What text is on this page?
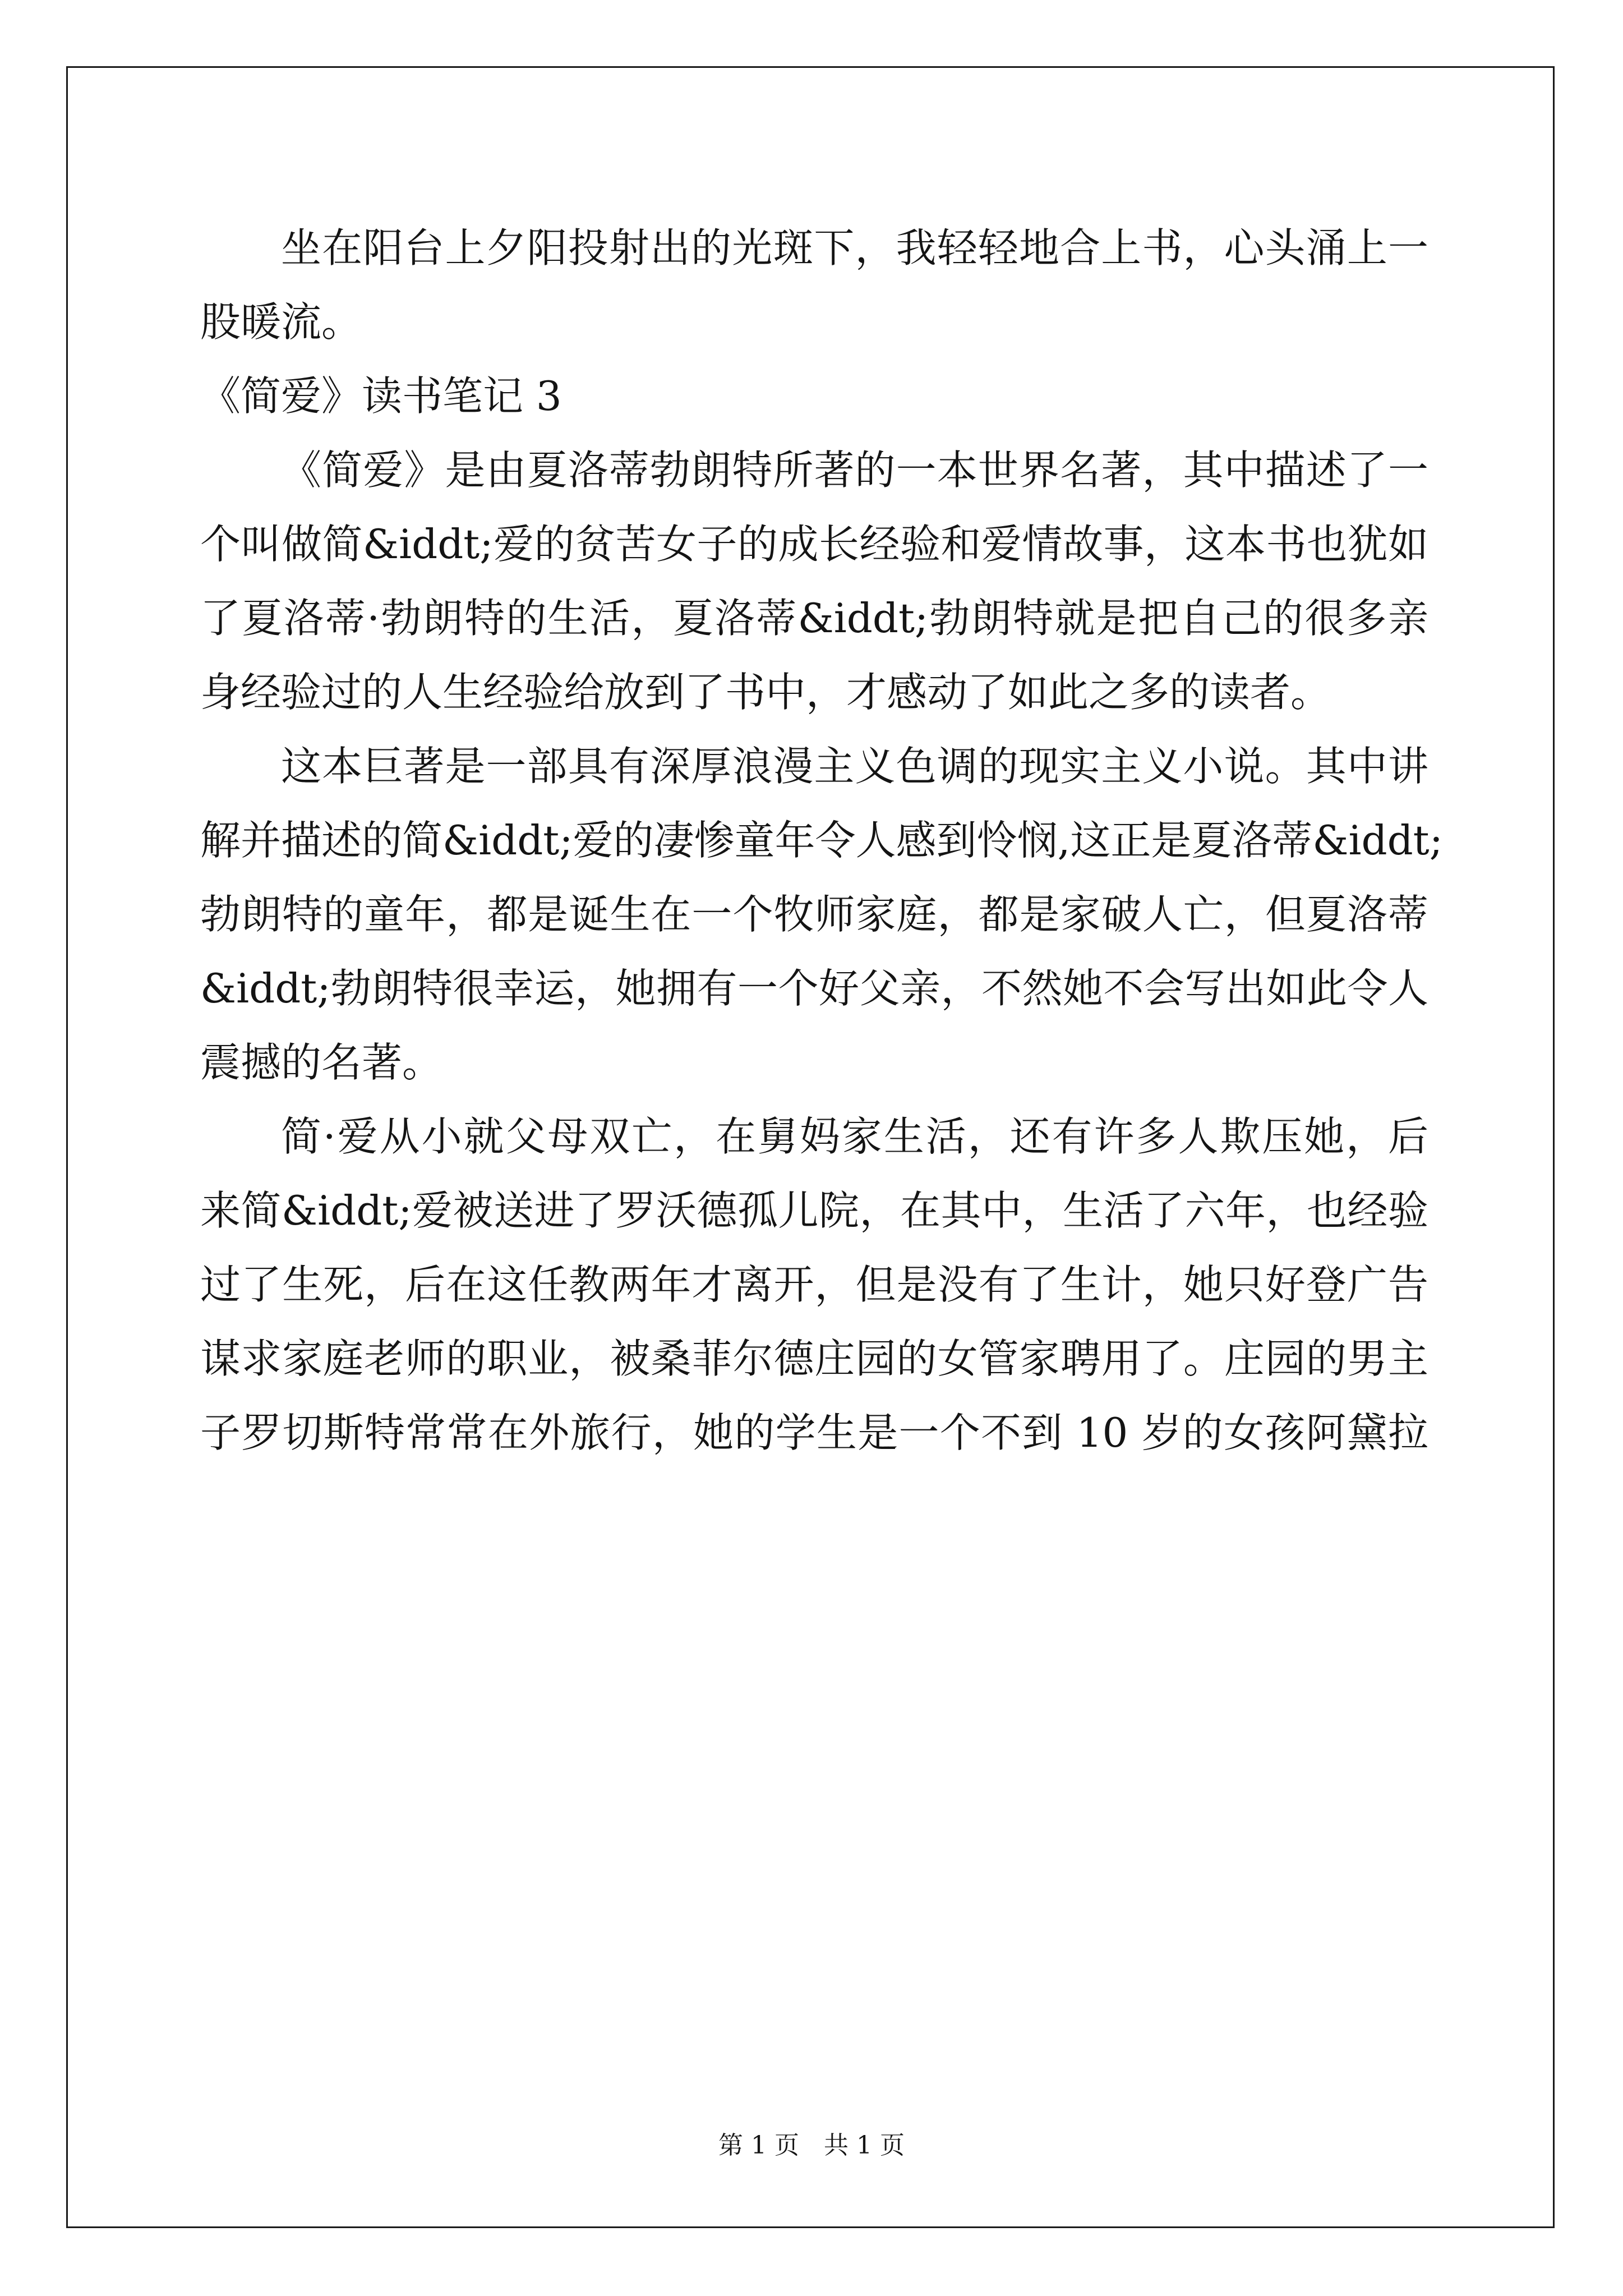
坐在阳台上夕阳投射出的光斑下，我轻轻地合上书，心头涌上一
股暖流。
《简爱》读书笔记 3
《简爱》是由夏洛蒂勃朗特所著的一本世界名著，其中描述了一
个叫做简&iddt;爱的贫苦女子的成长经验和爱情故事，这本书也犹如
了夏洛蒂·勃朗特的生活，夏洛蒂&iddt;勃朗特就是把自己的很多亲
身经验过的人生经验给放到了书中，才感动了如此之多的读者。
这本巨著是一部具有深厚浪漫主义色调的现实主义小说。其中讲
解并描述的简&iddt;爱的凄惨童年令人感到怜悯,这正是夏洛蒂&iddt;
勃朗特的童年，都是诞生在一个牧师家庭，都是家破人亡，但夏洛蒂
&iddt;勃朗特很幸运，她拥有一个好父亲，不然她不会写出如此令人
震撼的名著。
简·爱从小就父母双亡，在舅妈家生活，还有许多人欺压她，后
来简&iddt;爱被送进了罗沃德孤儿院，在其中，生活了六年，也经验
过了生死，后在这任教两年才离开，但是没有了生计，她只好登广告
谋求家庭老师的职业，被桑菲尔德庄园的女管家聘用了。庄园的男主
子罗切斯特常常在外旅行，她的学生是一个不到 10 岁的女孩阿黛拉
第 1 页　共 1 页
